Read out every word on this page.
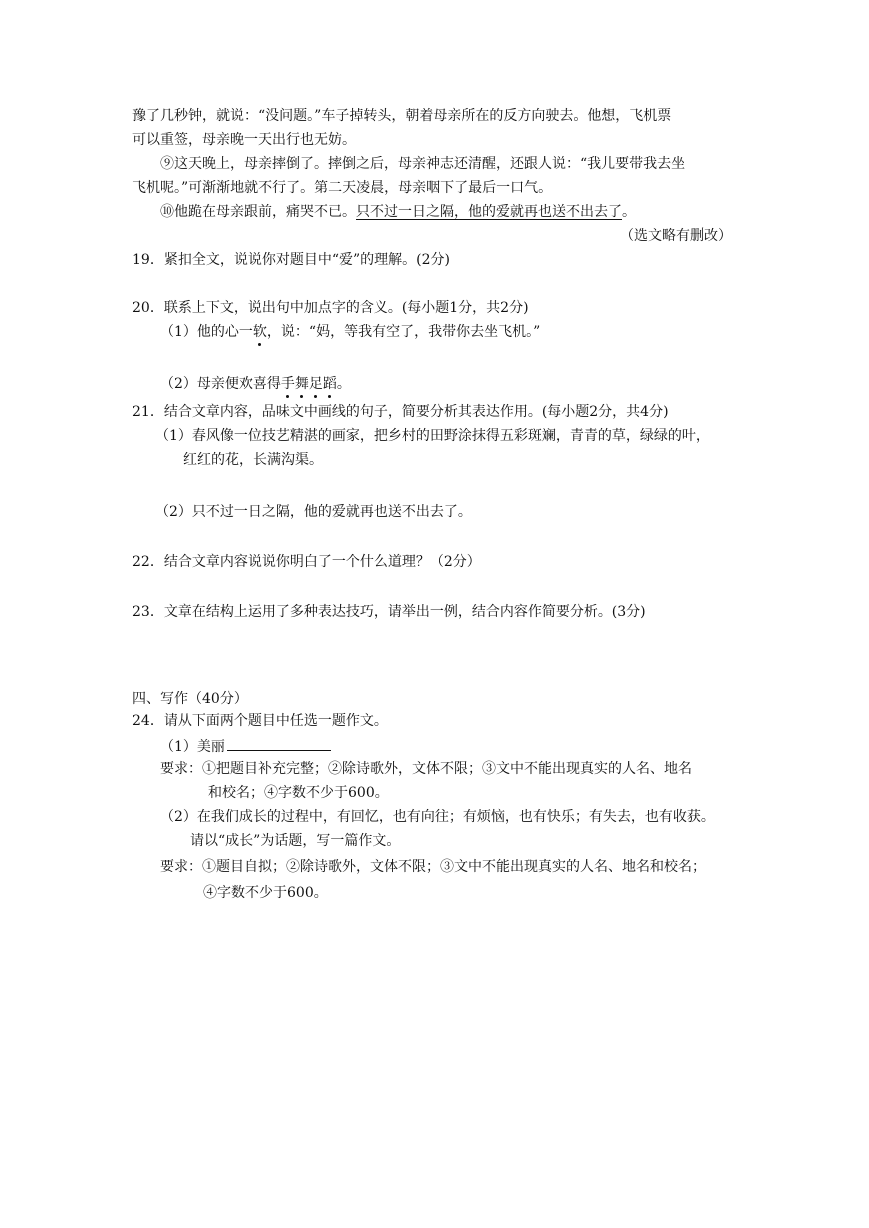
豫了几秒钟，就说：“没问题。”车子掉转头，朝着母亲所在的反方向驶去。他想，飞机票
可以重签，母亲晚一天出行也无妨。
⑨这天晚上，母亲摔倒了。摔倒之后，母亲神志还清醒，还跟人说：“我儿要带我去坐
飞机呢。”可渐渐地就不行了。第二天凌晨，母亲咽下了最后一口气。
⑩他跪在母亲跟前，痛哭不已。只不过一日之隔，他的爱就再也送不出去了。
（选文略有删改）
19．紧扣全文，说说你对题目中“爱”的理解。(2分)
20．联系上下文，说出句中加点字的含义。(每小题1分，共2分)
（1）他的心一软，说：“妈，等我有空了，我带你去坐飞机。”
（2）母亲便欢喜得手舞足蹈。
21．结合文章内容，品味文中画线的句子，简要分析其表达作用。(每小题2分，共4分)
（1）春风像一位技艺精湛的画家，把乡村的田野涂抹得五彩斑斓，青青的草，绿绿的叶，
红红的花，长满沟渠。
（2）只不过一日之隔，他的爱就再也送不出去了。
22．结合文章内容说说你明白了一个什么道理？（2分）
23．文章在结构上运用了多种表达技巧，请举出一例，结合内容作简要分析。(3分)
四、写作（40分）
24．请从下面两个题目中任选一题作文。
（1）美丽
要求：①把题目补充完整；②除诗歌外，文体不限；③文中不能出现真实的人名、地名
和校名；④字数不少于600。
（2）在我们成长的过程中，有回忆，也有向往；有烦恼，也有快乐；有失去，也有收获。
请以“成长”为话题，写一篇作文。
要求：①题目自拟；②除诗歌外，文体不限；③文中不能出现真实的人名、地名和校名；
④字数不少于600。
